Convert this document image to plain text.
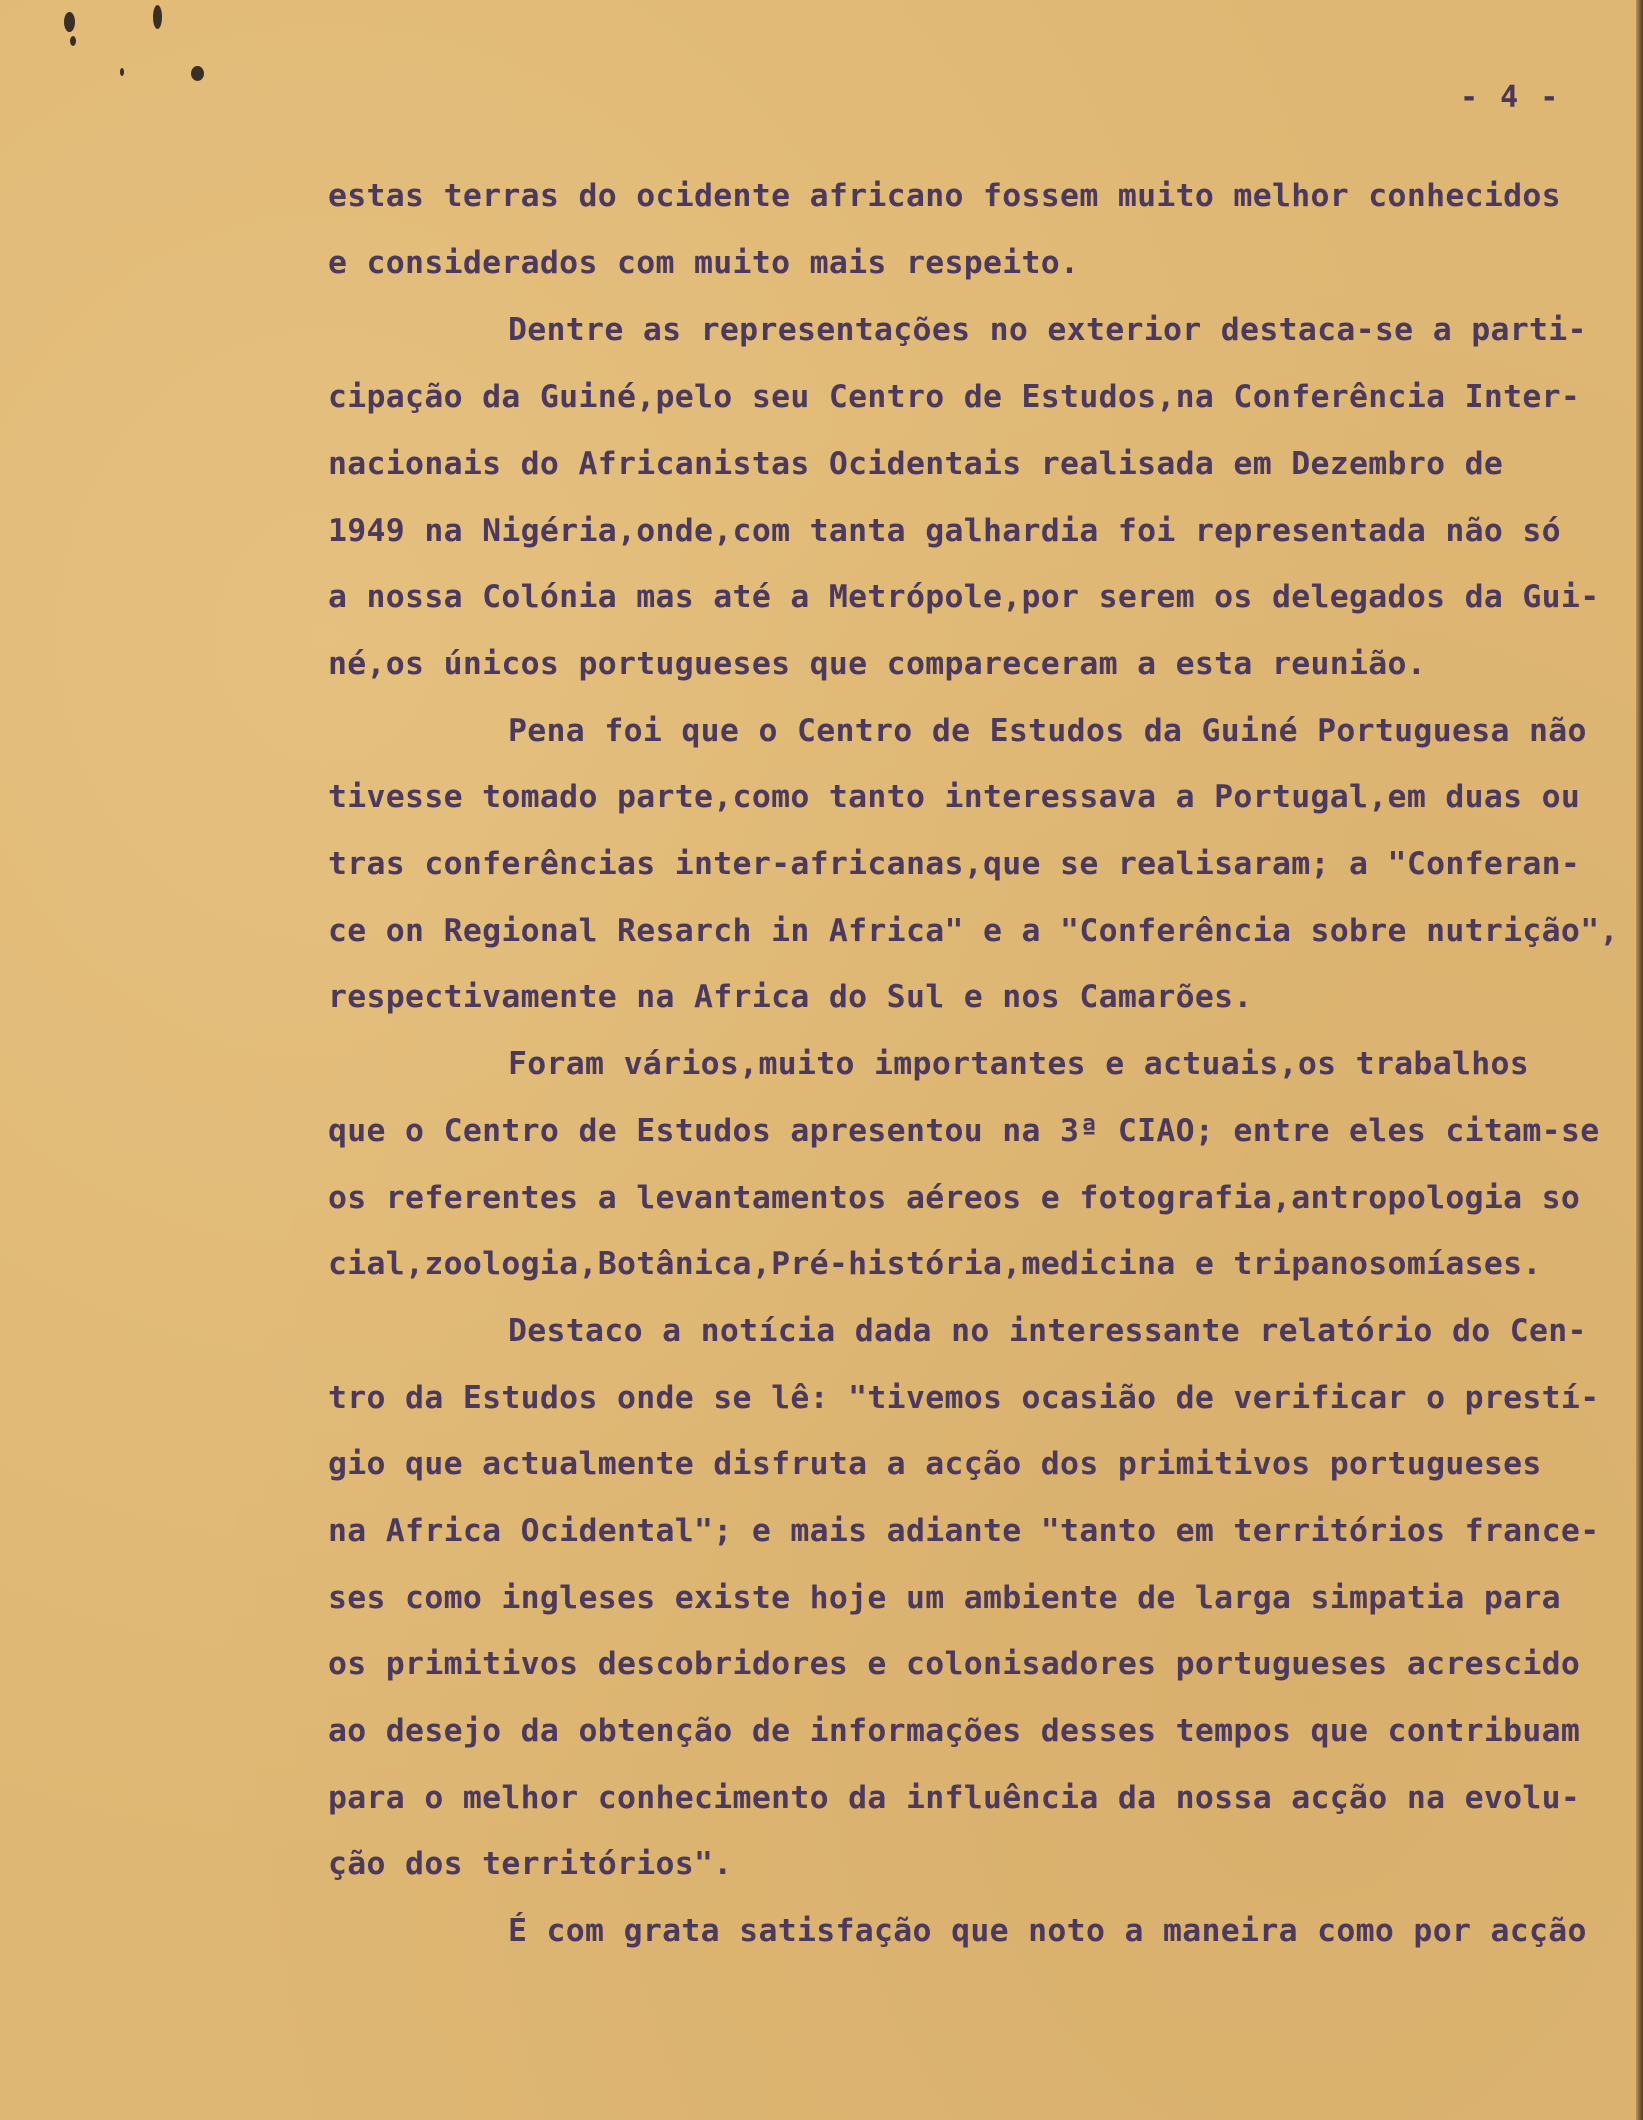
- 4 -
estas terras do ocidente africano fossem muito melhor conhecidos
e considerados com muito mais respeito.
Dentre as representações no exterior destaca-se a parti-
cipação da Guiné,pelo seu Centro de Estudos,na Conferência Inter-
nacionais do Africanistas Ocidentais realisada em Dezembro de
1949 na Nigéria,onde,com tanta galhardia foi representada não só
a nossa Colónia mas até a Metrópole,por serem os delegados da Gui-
né,os únicos portugueses que compareceram a esta reunião.
Pena foi que o Centro de Estudos da Guiné Portuguesa não
tivesse tomado parte,como tanto interessava a Portugal,em duas ou
tras conferências inter-africanas,que se realisaram; a "Conferan-
ce on Regional Resarch in Africa" e a "Conferência sobre nutrição",
respectivamente na Africa do Sul e nos Camarões.
Foram vários,muito importantes e actuais,os trabalhos
que o Centro de Estudos apresentou na 3ª CIAO; entre eles citam-se
os referentes a levantamentos aéreos e fotografia,antropologia so
cial,zoologia,Botânica,Pré-história,medicina e tripanosomíases.
Destaco a notícia dada no interessante relatório do Cen-
tro da Estudos onde se lê: "tivemos ocasião de verificar o prestí-
gio que actualmente disfruta a acção dos primitivos portugueses
na Africa Ocidental"; e mais adiante "tanto em territórios france-
ses como ingleses existe hoje um ambiente de larga simpatia para
os primitivos descobridores e colonisadores portugueses acrescido
ao desejo da obtenção de informações desses tempos que contribuam
para o melhor conhecimento da influência da nossa acção na evolu-
ção dos territórios".
É com grata satisfação que noto a maneira como por acção
